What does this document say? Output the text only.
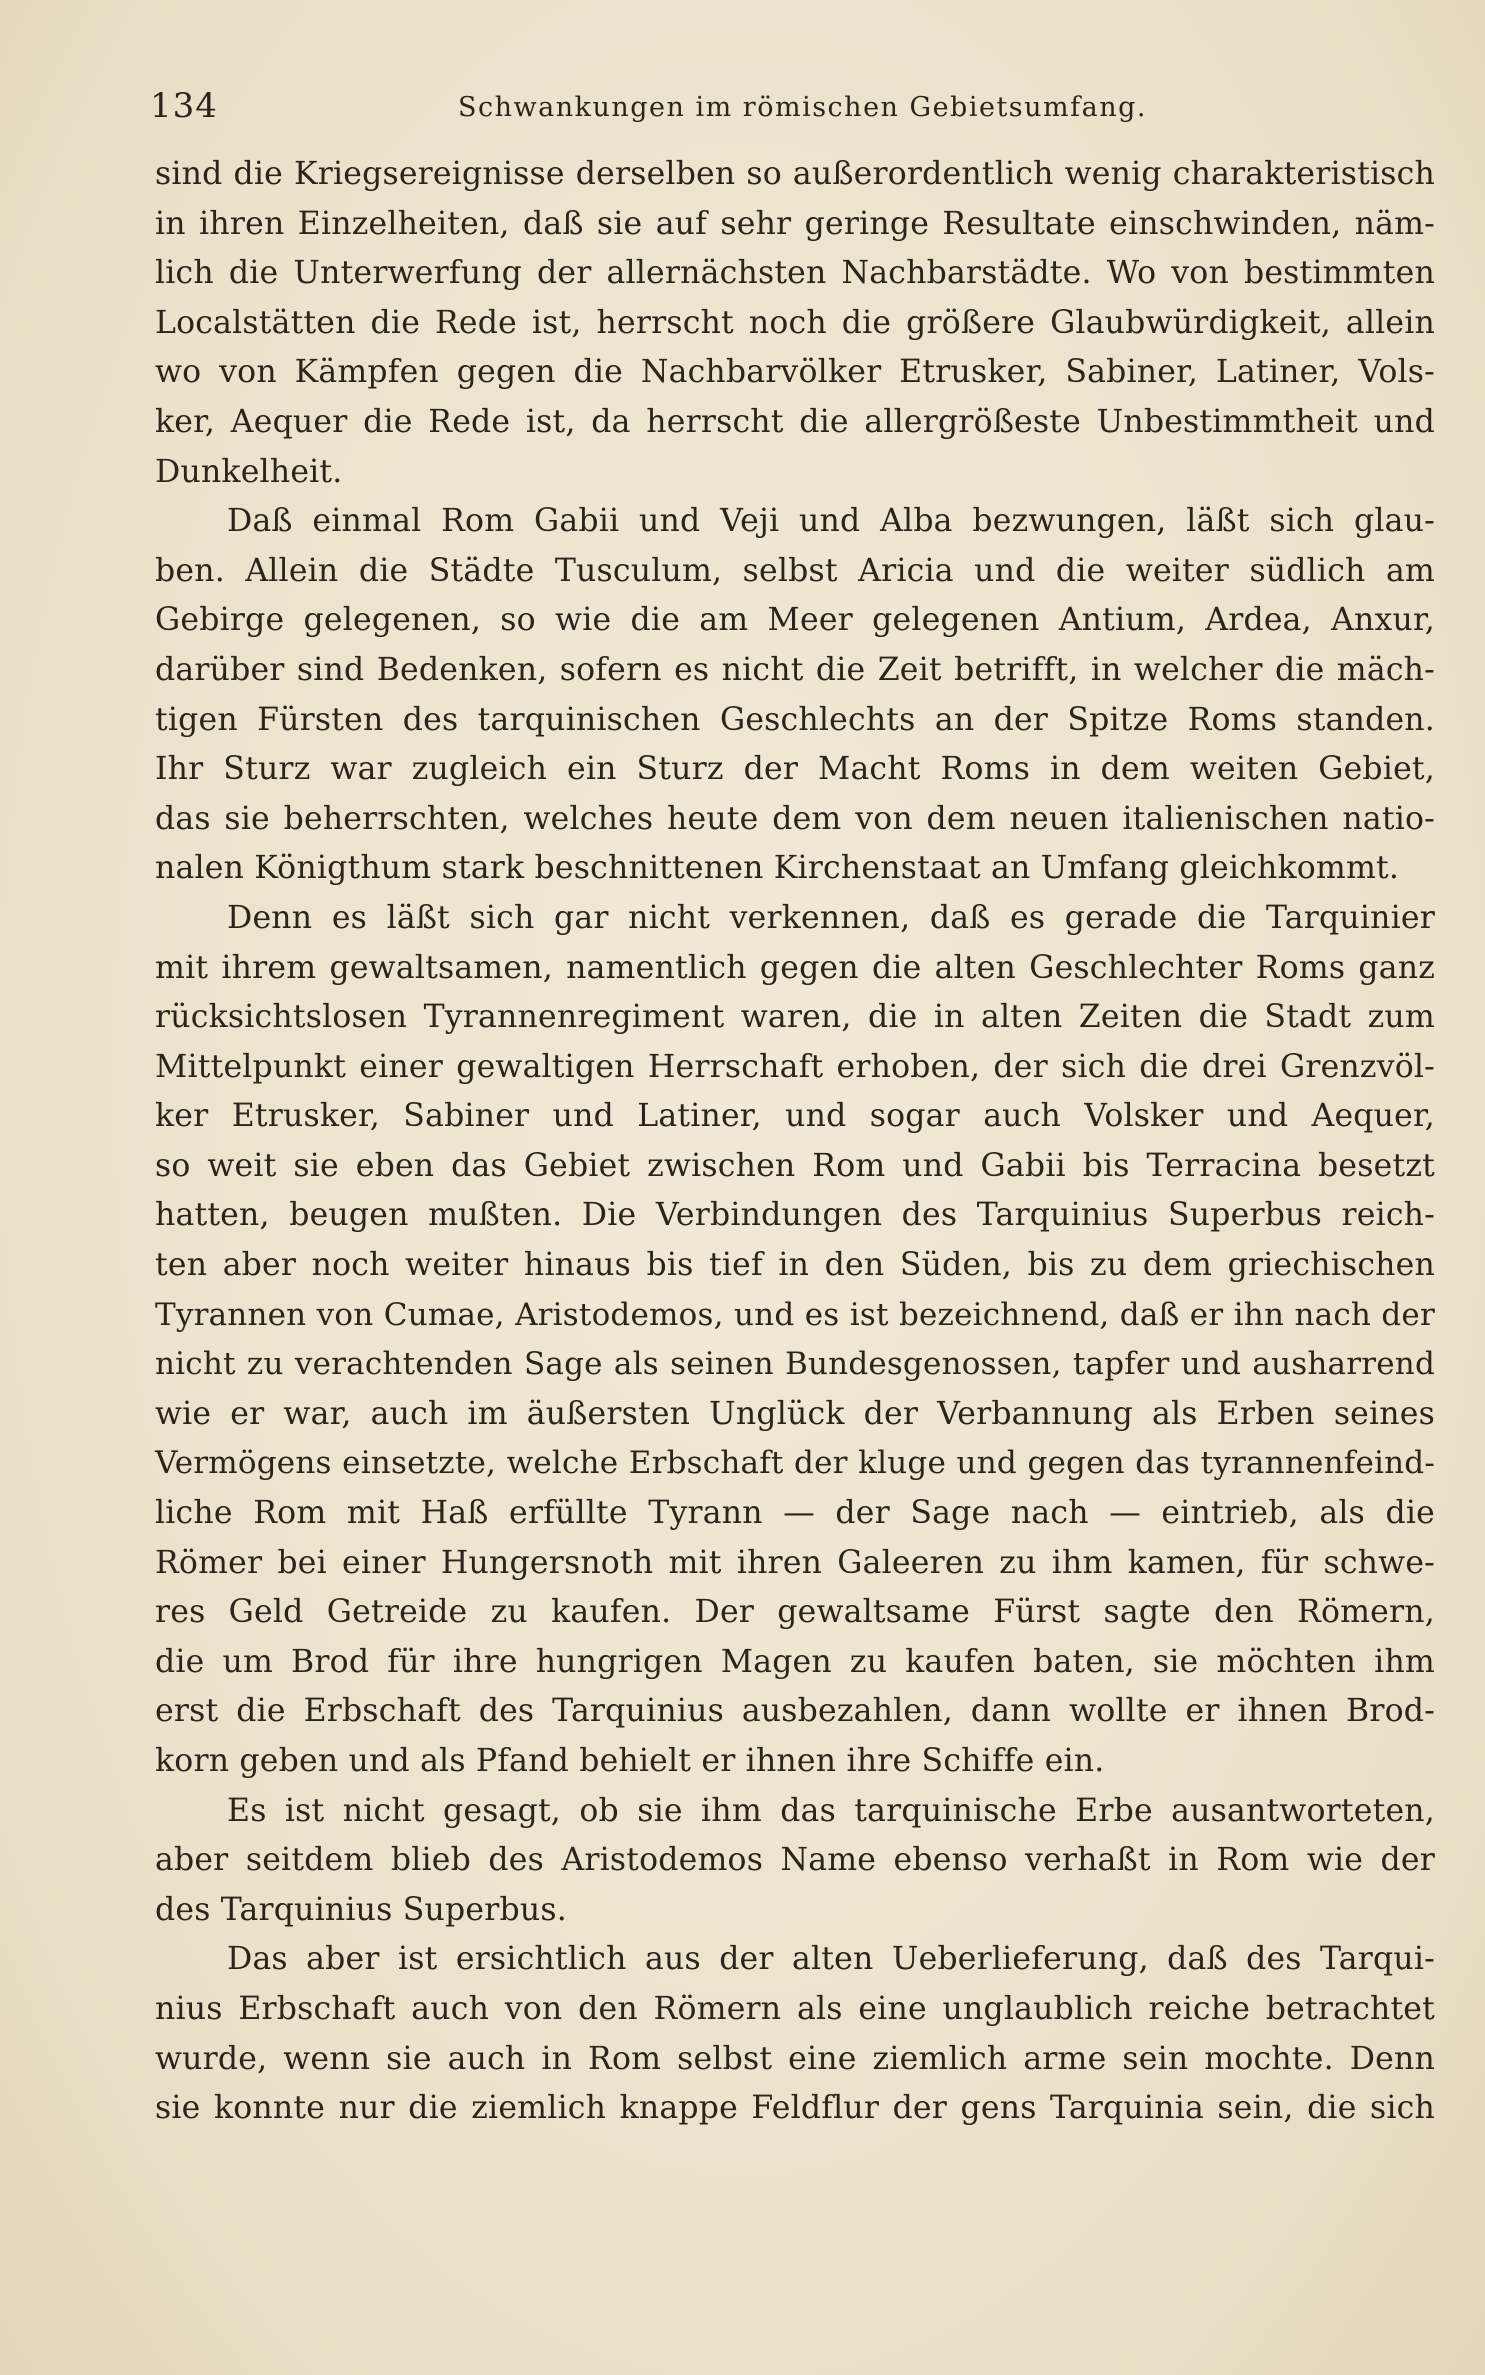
134	Schwankungen im römischen Gebietsumfang.
sind die Kriegsereignisse derselben so außerordentlich wenig charakteristisch
in ihren Einzelheiten, daß sie auf sehr geringe Resultate einschwinden, näm-
lich die Unterwerfung der allernächsten Nachbarstädte. Wo von bestimmten
Localstätten die Rede ist, herrscht noch die größere Glaubwürdigkeit, allein
wo von Kämpfen gegen die Nachbarvölker Etrusker, Sabiner, Latiner, Vols-
ker, Aequer die Rede ist, da herrscht die allergrößeste Unbestimmtheit und
Dunkelheit.
Daß einmal Rom Gabii und Veji und Alba bezwungen, läßt sich glau-
ben. Allein die Städte Tusculum, selbst Aricia und die weiter südlich am
Gebirge gelegenen, so wie die am Meer gelegenen Antium, Ardea, Anxur,
darüber sind Bedenken, sofern es nicht die Zeit betrifft, in welcher die mäch-
tigen Fürsten des tarquinischen Geschlechts an der Spitze Roms standen.
Ihr Sturz war zugleich ein Sturz der Macht Roms in dem weiten Gebiet,
das sie beherrschten, welches heute dem von dem neuen italienischen natio-
nalen Königthum stark beschnittenen Kirchenstaat an Umfang gleichkommt.
Denn es läßt sich gar nicht verkennen, daß es gerade die Tarquinier
mit ihrem gewaltsamen, namentlich gegen die alten Geschlechter Roms ganz
rücksichtslosen Tyrannenregiment waren, die in alten Zeiten die Stadt zum
Mittelpunkt einer gewaltigen Herrschaft erhoben, der sich die drei Grenzvöl-
ker Etrusker, Sabiner und Latiner, und sogar auch Volsker und Aequer,
so weit sie eben das Gebiet zwischen Rom und Gabii bis Terracina besetzt
hatten, beugen mußten. Die Verbindungen des Tarquinius Superbus reich-
ten aber noch weiter hinaus bis tief in den Süden, bis zu dem griechischen
Tyrannen von Cumae, Aristodemos, und es ist bezeichnend, daß er ihn nach der
nicht zu verachtenden Sage als seinen Bundesgenossen, tapfer und ausharrend
wie er war, auch im äußersten Unglück der Verbannung als Erben seines
Vermögens einsetzte, welche Erbschaft der kluge und gegen das tyrannenfeind-
liche Rom mit Haß erfüllte Tyrann — der Sage nach — eintrieb, als die
Römer bei einer Hungersnoth mit ihren Galeeren zu ihm kamen, für schwe-
res Geld Getreide zu kaufen. Der gewaltsame Fürst sagte den Römern,
die um Brod für ihre hungrigen Magen zu kaufen baten, sie möchten ihm
erst die Erbschaft des Tarquinius ausbezahlen, dann wollte er ihnen Brod-
korn geben und als Pfand behielt er ihnen ihre Schiffe ein.
Es ist nicht gesagt, ob sie ihm das tarquinische Erbe ausantworteten,
aber seitdem blieb des Aristodemos Name ebenso verhaßt in Rom wie der
des Tarquinius Superbus.
Das aber ist ersichtlich aus der alten Ueberlieferung, daß des Tarqui-
nius Erbschaft auch von den Römern als eine unglaublich reiche betrachtet
wurde, wenn sie auch in Rom selbst eine ziemlich arme sein mochte. Denn
sie konnte nur die ziemlich knappe Feldflur der gens Tarquinia sein, die sich
